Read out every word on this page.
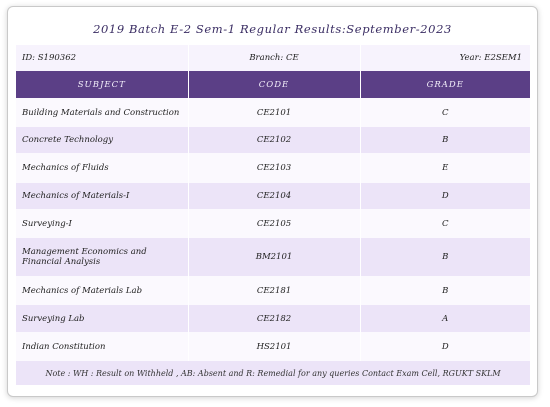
2019 Batch E-2 Sem-1 Regular Results:September-2023
ID: S190362	Branch: CE	Year: E2SEM1
SUBJECT	CODE	GRADE
Building Materials and Construction	CE2101	C
Concrete Technology	CE2102	B
Mechanics of Fluids	CE2103	E
Mechanics of Materials-I	CE2104	D
Surveying-I	CE2105	C
Management Economics and Financial Analysis	BM2101	B
Mechanics of Materials Lab	CE2181	B
Surveying Lab	CE2182	A
Indian Constitution	HS2101	D
Note : WH : Result on Withheld , AB: Absent and R: Remedial for any queries Contact Exam Cell, RGUKT SKLM		
